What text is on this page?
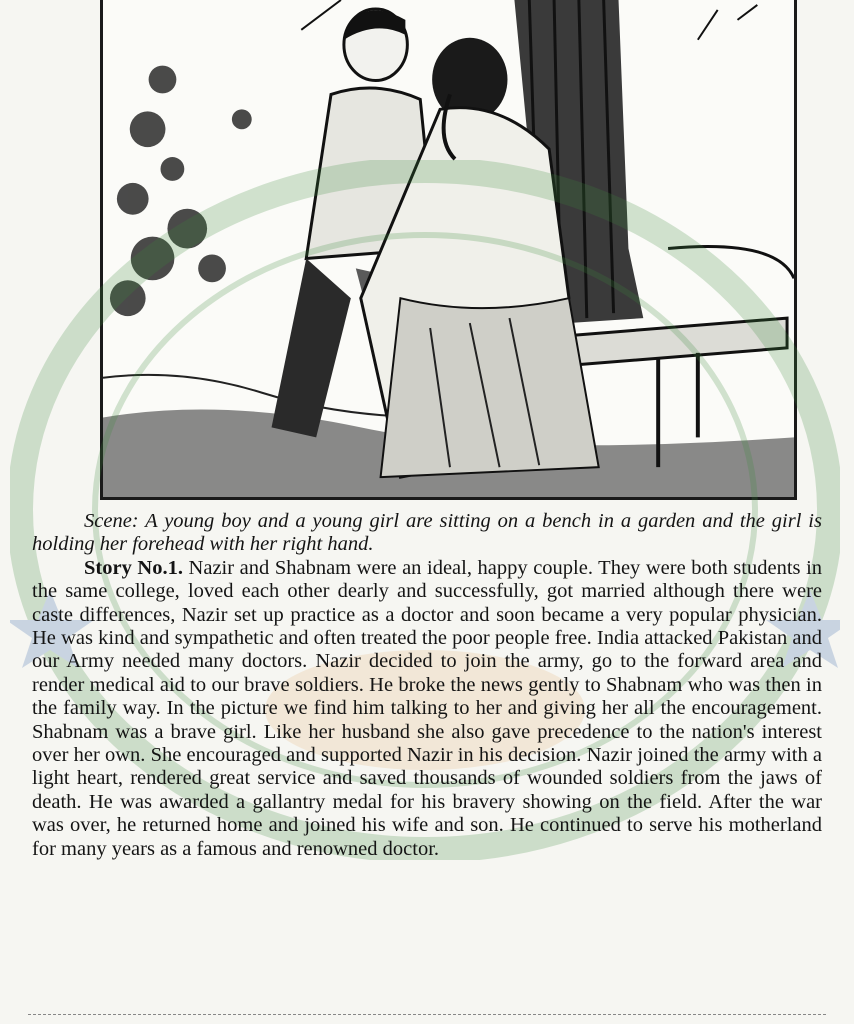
Scene: A young boy and a young girl are sitting on a bench in a garden and the girl is holding her forehead with her right hand.

Story No.1. Nazir and Shabnam were an ideal, happy couple. They were both students in the same college, loved each other dearly and successfully, got married although there were caste differences, Nazir set up practice as a doctor and soon became a very popular physician. He was kind and sympathetic and often treated the poor people free. India attacked Pakistan and our Army needed many doctors. Nazir decided to join the army, go to the forward area and render medical aid to our brave soldiers. He broke the news gently to Shabnam who was then in the family way. In the picture we find him talking to her and giving her all the encouragement. Shabnam was a brave girl. Like her husband she also gave precedence to the nation's interest over her own. She encouraged and supported Nazir in his decision. Nazir joined the army with a light heart, rendered great service and saved thousands of wounded soldiers from the jaws of death. He was awarded a gallantry medal for his bravery showing on the field. After the war was over, he returned home and joined his wife and son. He continued to serve his motherland for many years as a famous and renowned doctor.
